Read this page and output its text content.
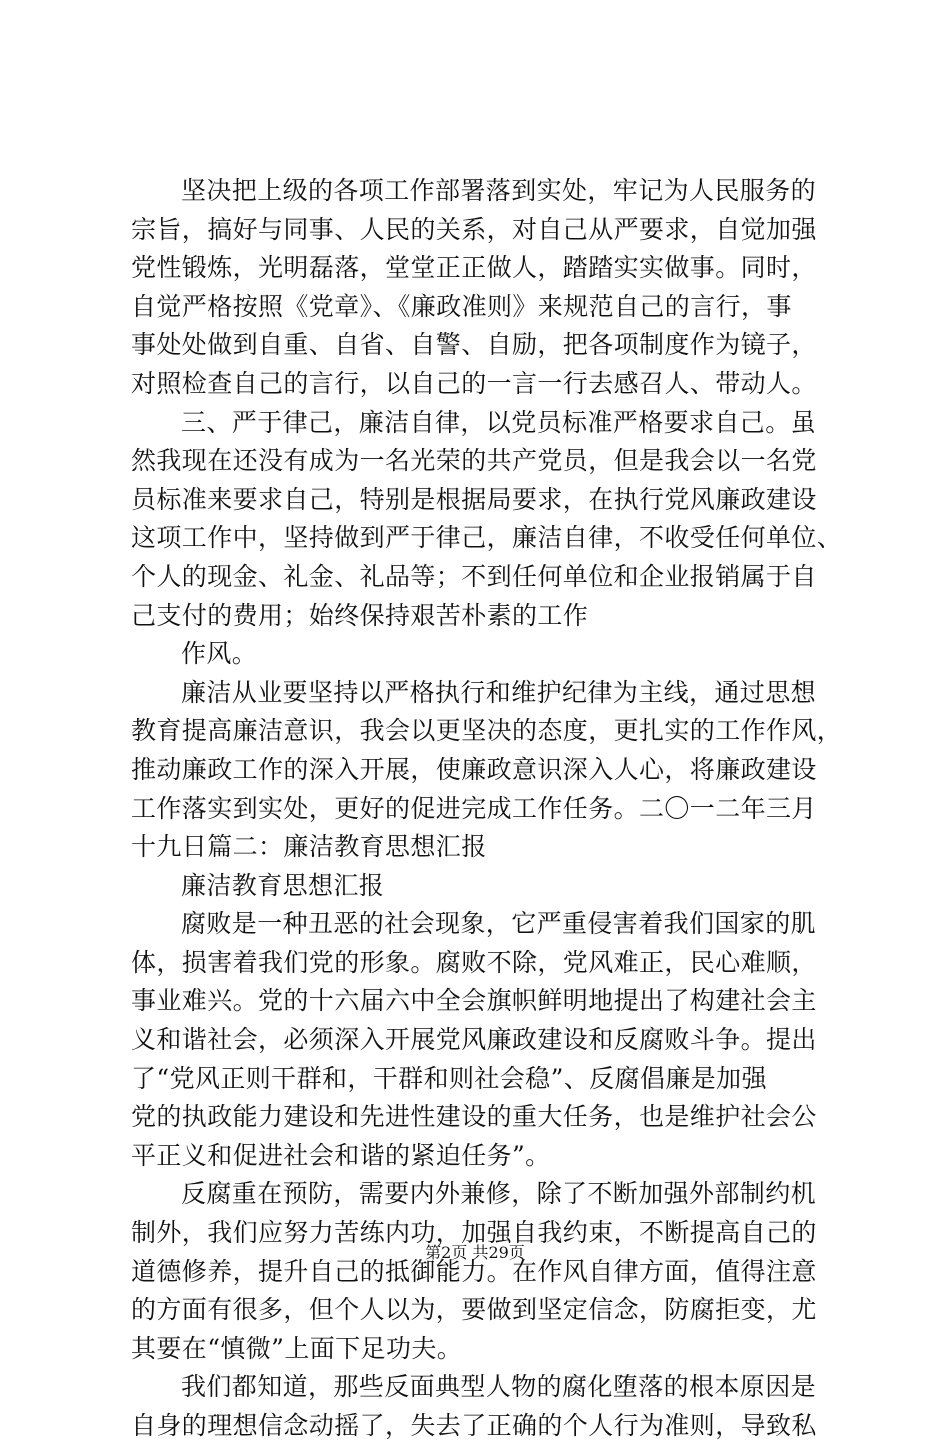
坚决把上级的各项工作部署落到实处，牢记为人民服务的
宗旨，搞好与同事、人民的关系，对自己从严要求，自觉加强
党性锻炼，光明磊落，堂堂正正做人，踏踏实实做事。同时，
自觉严格按照《党章》、《廉政准则》来规范自己的言行，事
事处处做到自重、自省、自警、自励，把各项制度作为镜子，
对照检查自己的言行，以自己的一言一行去感召人、带动人。
三、严于律己，廉洁自律，以党员标准严格要求自己。虽
然我现在还没有成为一名光荣的共产党员，但是我会以一名党
员标准来要求自己，特别是根据局要求，在执行党风廉政建设
这项工作中，坚持做到严于律己，廉洁自律，不收受任何单位、
个人的现金、礼金、礼品等；不到任何单位和企业报销属于自
己支付的费用；始终保持艰苦朴素的工作
作风。
廉洁从业要坚持以严格执行和维护纪律为主线，通过思想
教育提高廉洁意识，我会以更坚决的态度，更扎实的工作作风，
推动廉政工作的深入开展，使廉政意识深入人心，将廉政建设
工作落实到实处，更好的促进完成工作任务。二〇一二年三月
十九日篇二：廉洁教育思想汇报
廉洁教育思想汇报
腐败是一种丑恶的社会现象，它严重侵害着我们国家的肌
体，损害着我们党的形象。腐败不除，党风难正，民心难顺，
事业难兴。党的十六届六中全会旗帜鲜明地提出了构建社会主
义和谐社会，必须深入开展党风廉政建设和反腐败斗争。提出
了“党风正则干群和，干群和则社会稳”、反腐倡廉是加强
党的执政能力建设和先进性建设的重大任务，也是维护社会公
平正义和促进社会和谐的紧迫任务”。
反腐重在预防，需要内外兼修，除了不断加强外部制约机
制外，我们应努力苦练内功，加强自我约束，不断提高自己的
道德修养，提升自己的抵御能力。在作风自律方面，值得注意
的方面有很多，但个人以为，要做到坚定信念，防腐拒变，尤
其要在“慎微”上面下足功夫。
我们都知道，那些反面典型人物的腐化堕落的根本原因是
自身的理想信念动摇了，失去了正确的个人行为准则，导致私
第2页 共29页
